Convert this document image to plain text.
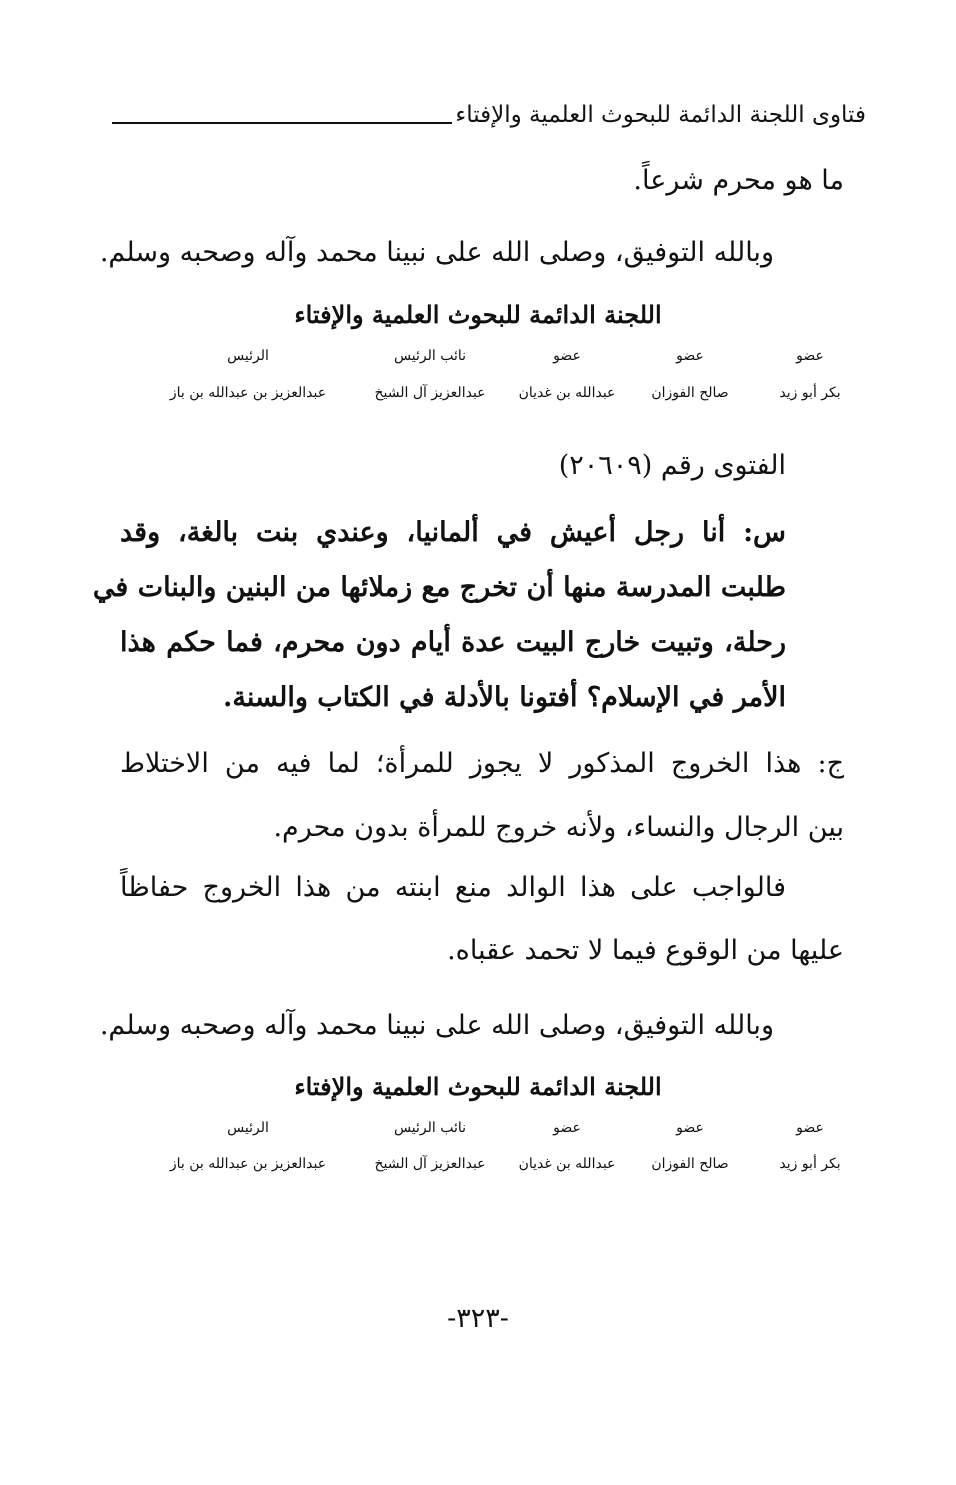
فتاوى اللجنة الدائمة للبحوث العلمية والإفتاء
ما هو محرم شرعاً.
وبالله التوفيق، وصلى الله على نبينا محمد وآله وصحبه وسلم.
اللجنة الدائمة للبحوث العلمية والإفتاء
عضو
عضو
عضو
نائب الرئيس
الرئيس
بكر أبو زيد
صالح الفوزان
عبدالله بن غديان
عبدالعزيز آل الشيخ
عبدالعزيز بن عبدالله بن باز
الفتوى رقم (٢٠٦٠٩)
س: أنا رجل أعيش في ألمانيا، وعندي بنت بالغة، وقد
طلبت المدرسة منها أن تخرج مع زملائها من البنين والبنات في
رحلة، وتبيت خارج البيت عدة أيام دون محرم، فما حكم هذا
الأمر في الإسلام؟ أفتونا بالأدلة في الكتاب والسنة.
ج: هذا الخروج المذكور لا يجوز للمرأة؛ لما فيه من الاختلاط
بين الرجال والنساء، ولأنه خروج للمرأة بدون محرم.
فالواجب على هذا الوالد منع ابنته من هذا الخروج حفاظاً
عليها من الوقوع فيما لا تحمد عقباه.
وبالله التوفيق، وصلى الله على نبينا محمد وآله وصحبه وسلم.
اللجنة الدائمة للبحوث العلمية والإفتاء
عضو
عضو
عضو
نائب الرئيس
الرئيس
بكر أبو زيد
صالح الفوزان
عبدالله بن غديان
عبدالعزيز آل الشيخ
عبدالعزيز بن عبدالله بن باز
-٣٢٣-
